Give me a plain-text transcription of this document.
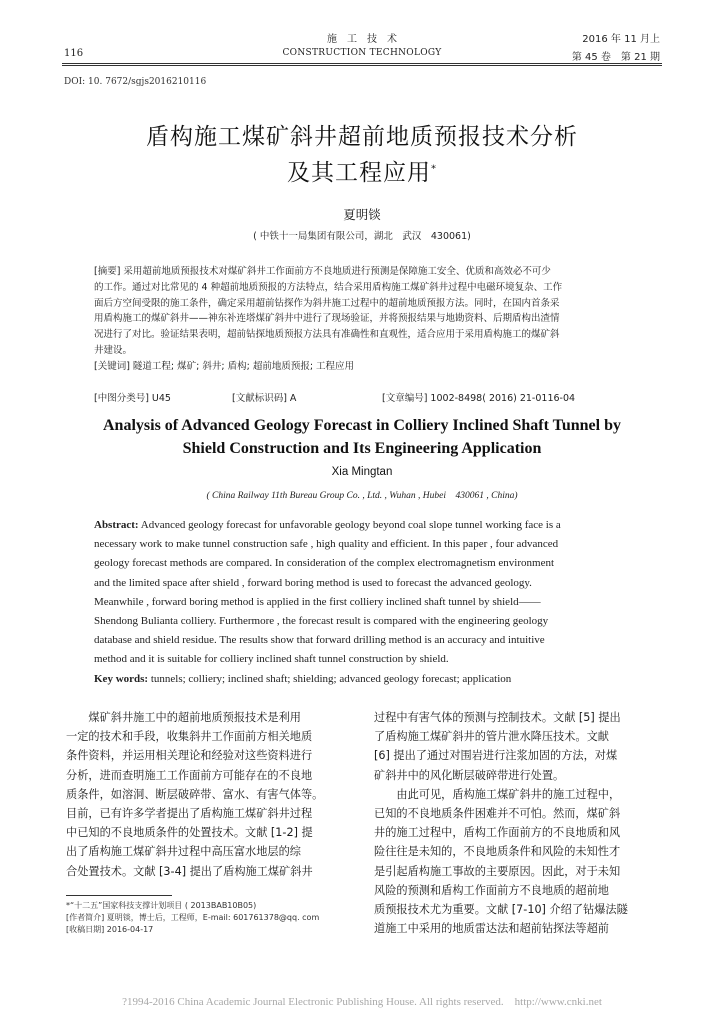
施　工　技　术
116	CONSTRUCTION TECHNOLOGY
2016 年 11 月上
第 45 卷　第 21 期
DOI: 10. 7672/sgjs2016210116
盾构施工煤矿斜井超前地质预报技术分析
及其工程应用*
夏明锬
( 中铁十一局集团有限公司，湖北　武汉　430061)
[摘要] 采用超前地质预报技术对煤矿斜井工作面前方不良地质进行预测是保障施工安全、优质和高效必不可少
的工作。通过对比常见的 4 种超前地质预报的方法特点，结合采用盾构施工煤矿斜井过程中电磁环境复杂、工作
面后方空间受限的施工条件，确定采用超前钻探作为斜井施工过程中的超前地质预报方法。同时，在国内首条采
用盾构施工的煤矿斜井——神东补连塔煤矿斜井中进行了现场验证，并将预报结果与地勘资料、后期盾构出渣情
况进行了对比。验证结果表明，超前钻探地质预报方法具有准确性和直观性，适合应用于采用盾构施工的煤矿斜
井建设。
[关键词] 隧道工程; 煤矿; 斜井; 盾构; 超前地质预报; 工程应用
[中图分类号] U45	[文献标识码] A	[文章编号] 1002-8498( 2016) 21-0116-04
Analysis of Advanced Geology Forecast in Colliery Inclined Shaft Tunnel by
Shield Construction and Its Engineering Application
Xia Mingtan
( China Railway 11th Bureau Group Co. , Ltd. , Wuhan , Hubei　430061 , China)
Abstract: Advanced geology forecast for unfavorable geology beyond coal slope tunnel working face is a
necessary work to make tunnel construction safe , high quality and efficient. In this paper , four advanced
geology forecast methods are compared. In consideration of the complex electromagnetism environment
and the limited space after shield , forward boring method is used to forecast the advanced geology.
Meanwhile , forward boring method is applied in the first colliery inclined shaft tunnel by shield——
Shendong Bulianta colliery. Furthermore , the forecast result is compared with the engineering geology
database and shield residue. The results show that forward drilling method is an accuracy and intuitive
method and it is suitable for colliery inclined shaft tunnel construction by shield.
Key words: tunnels; colliery; inclined shaft; shielding; advanced geology forecast; application
　　煤矿斜井施工中的超前地质预报技术是利用
一定的技术和手段，收集斜井工作面前方相关地质
条件资料，并运用相关理论和经验对这些资料进行
分析，进而查明施工工作面前方可能存在的不良地
质条件，如溶洞、断层破碎带、富水、有害气体等。
目前，已有许多学者提出了盾构施工煤矿斜井过程
中已知的不良地质条件的处置技术。文献 [1-2] 提
出了盾构施工煤矿斜井过程中高压富水地层的综
合处置技术。文献 [3-4] 提出了盾构施工煤矿斜井
*“十二五”国家科技支撑计划项目 ( 2013BAB10B05)
[作者简介] 夏明锬，博士后，工程师，E-mail: 601761378@qq. com
[收稿日期] 2016-04-17
过程中有害气体的预测与控制技术。文献 [5] 提出
了盾构施工煤矿斜井的管片泄水降压技术。文献
[6] 提出了通过对围岩进行注浆加固的方法，对煤
矿斜井中的风化断层破碎带进行处置。
　　由此可见，盾构施工煤矿斜井的施工过程中，
已知的不良地质条件困难并不可怕。然而，煤矿斜
井的施工过程中，盾构工作面前方的不良地质和风
险往往是未知的，不良地质条件和风险的未知性才
是引起盾构施工事故的主要原因。因此，对于未知
风险的预测和盾构工作面前方不良地质的超前地
质预报技术尤为重要。文献 [7-10] 介绍了钻爆法隧
道施工中采用的地质雷达法和超前钻探法等超前
?1994-2016 China Academic Journal Electronic Publishing House. All rights reserved.　http://www.cnki.net
